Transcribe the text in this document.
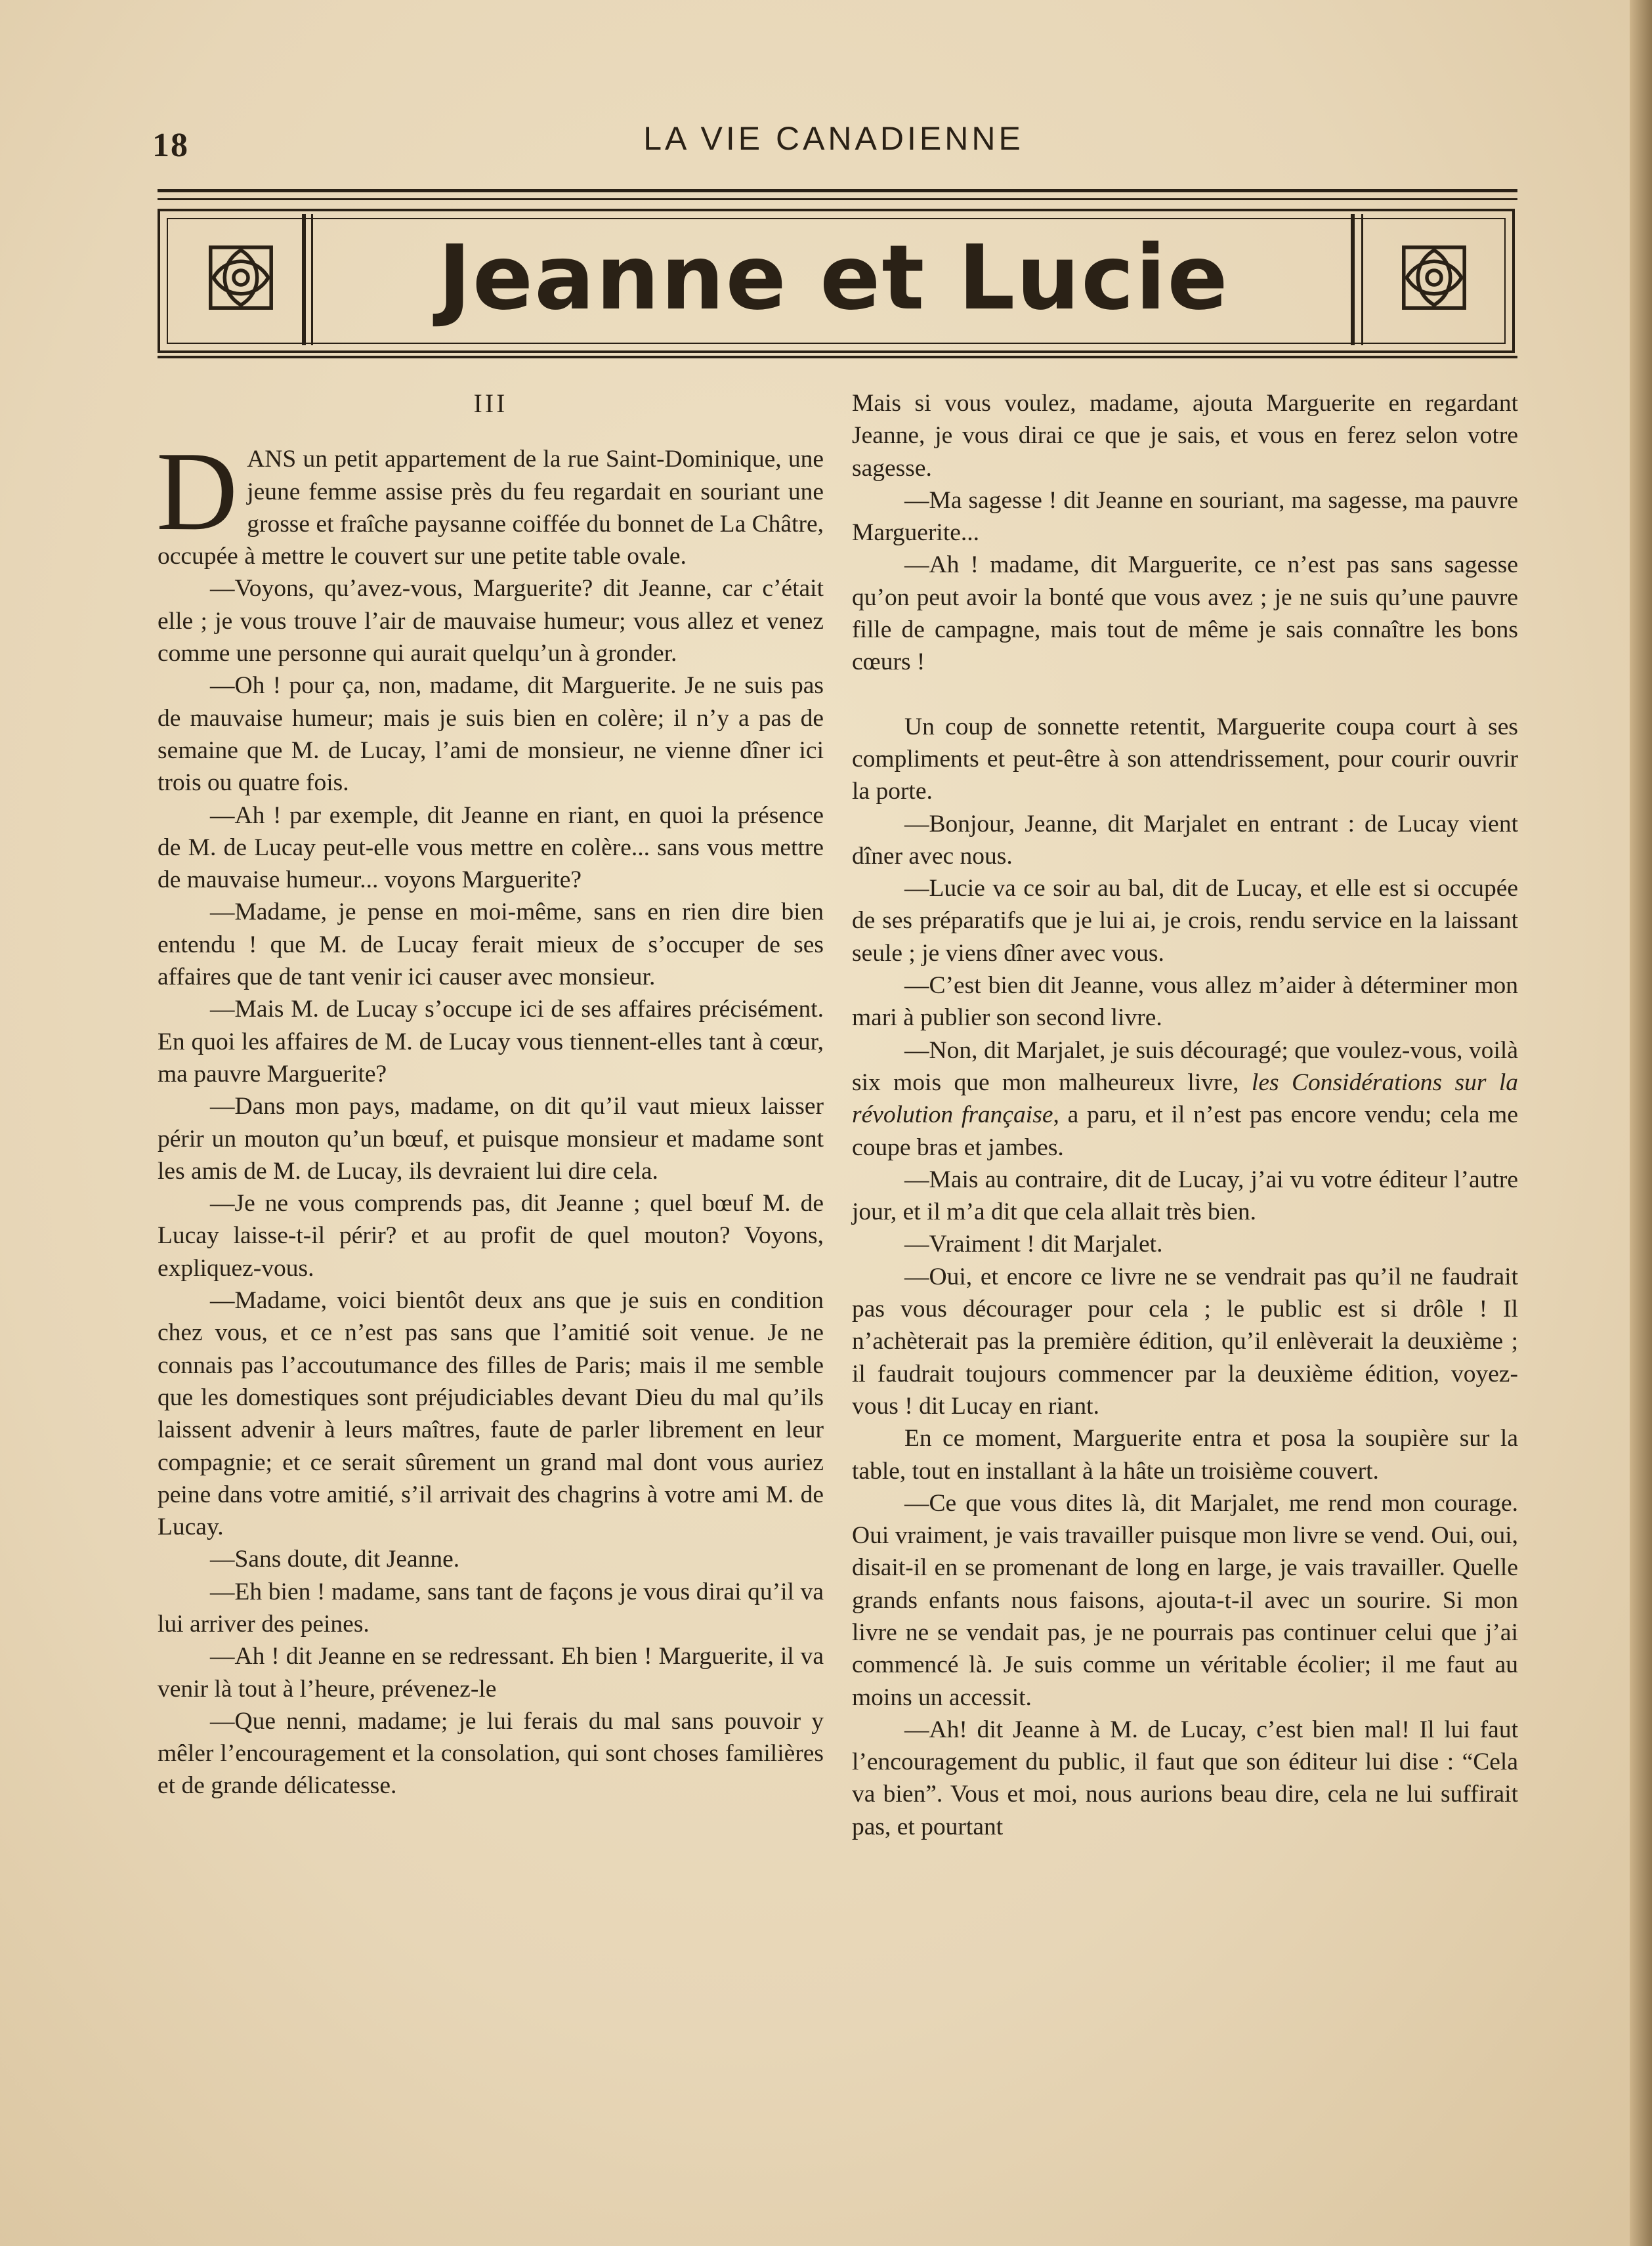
18	LA VIE CANADIENNE
Jeanne et Lucie
III

DANS un petit appartement de la rue Saint-Dominique, une jeune femme assise près du feu regardait en souriant une grosse et fraîche paysanne coiffée du bonnet de La Châtre, occupée à mettre le couvert sur une petite table ovale.

—Voyons, qu’avez-vous, Marguerite? dit Jeanne, car c’était elle ; je vous trouve l’air de mauvaise humeur; vous allez et venez comme une personne qui aurait quelqu’un à gronder.

—Oh ! pour ça, non, madame, dit Marguerite. Je ne suis pas de mauvaise humeur; mais je suis bien en colère; il n’y a pas de semaine que M. de Lucay, l’ami de monsieur, ne vienne dîner ici trois ou quatre fois.

—Ah ! par exemple, dit Jeanne en riant, en quoi la présence de M. de Lucay peut-elle vous mettre en colère... sans vous mettre de mauvaise humeur... voyons Marguerite?

—Madame, je pense en moi-même, sans en rien dire bien entendu ! que M. de Lucay ferait mieux de s’occuper de ses affaires que de tant venir ici causer avec monsieur.

—Mais M. de Lucay s’occupe ici de ses affaires précisément. En quoi les affaires de M. de Lucay vous tiennent-elles tant à cœur, ma pauvre Marguerite?

—Dans mon pays, madame, on dit qu’il vaut mieux laisser périr un mouton qu’un bœuf, et puisque monsieur et madame sont les amis de M. de Lucay, ils devraient lui dire cela.

—Je ne vous comprends pas, dit Jeanne ; quel bœuf M. de Lucay laisse-t-il périr? et au profit de quel mouton? Voyons, expliquez-vous.

—Madame, voici bientôt deux ans que je suis en condition chez vous, et ce n’est pas sans que l’amitié soit venue. Je ne connais pas l’accoutumance des filles de Paris; mais il me semble que les domestiques sont préjudiciables devant Dieu du mal qu’ils laissent advenir à leurs maîtres, faute de parler librement en leur compagnie; et ce serait sûrement un grand mal dont vous auriez peine dans votre amitié, s’il arrivait des chagrins à votre ami M. de Lucay.

—Sans doute, dit Jeanne.

—Eh bien ! madame, sans tant de façons je vous dirai qu’il va lui arriver des peines.

—Ah ! dit Jeanne en se redressant. Eh bien ! Marguerite, il va venir là tout à l’heure, prévenez-le

—Que nenni, madame; je lui ferais du mal sans pouvoir y mêler l’encouragement et la consolation, qui sont choses familières et de grande délicatesse.

Mais si vous voulez, madame, ajouta Marguerite en regardant Jeanne, je vous dirai ce que je sais, et vous en ferez selon votre sagesse.

—Ma sagesse ! dit Jeanne en souriant, ma sagesse, ma pauvre Marguerite...

—Ah ! madame, dit Marguerite, ce n’est pas sans sagesse qu’on peut avoir la bonté que vous avez ; je ne suis qu’une pauvre fille de campagne, mais tout de même je sais connaître les bons cœurs !

Un coup de sonnette retentit, Marguerite coupa court à ses compliments et peut-être à son attendrissement, pour courir ouvrir la porte.

—Bonjour, Jeanne, dit Marjalet en entrant : de Lucay vient dîner avec nous.

—Lucie va ce soir au bal, dit de Lucay, et elle est si occupée de ses préparatifs que je lui ai, je crois, rendu service en la laissant seule ; je viens dîner avec vous.

—C’est bien dit Jeanne, vous allez m’aider à déterminer mon mari à publier son second livre.

—Non, dit Marjalet, je suis découragé; que voulez-vous, voilà six mois que mon malheureux livre, les Considérations sur la révolution française, a paru, et il n’est pas encore vendu; cela me coupe bras et jambes.

—Mais au contraire, dit de Lucay, j’ai vu votre éditeur l’autre jour, et il m’a dit que cela allait très bien.

—Vraiment ! dit Marjalet.

—Oui, et encore ce livre ne se vendrait pas qu’il ne faudrait pas vous décourager pour cela ; le public est si drôle ! Il n’achèterait pas la première édition, qu’il enlèverait la deuxième ; il faudrait toujours commencer par la deuxième édition, voyez-vous ! dit Lucay en riant.

En ce moment, Marguerite entra et posa la soupière sur la table, tout en installant à la hâte un troisième couvert.

—Ce que vous dites là, dit Marjalet, me rend mon courage. Oui vraiment, je vais travailler puisque mon livre se vend. Oui, oui, disait-il en se promenant de long en large, je vais travailler. Quelle grands enfants nous faisons, ajouta-t-il avec un sourire. Si mon livre ne se vendait pas, je ne pourrais pas continuer celui que j’ai commencé là. Je suis comme un véritable écolier; il me faut au moins un accessit.

—Ah! dit Jeanne à M. de Lucay, c’est bien mal! Il lui faut l’encouragement du public, il faut que son éditeur lui dise : “Cela va bien”. Vous et moi, nous aurions beau dire, cela ne lui suffirait pas, et pourtant
